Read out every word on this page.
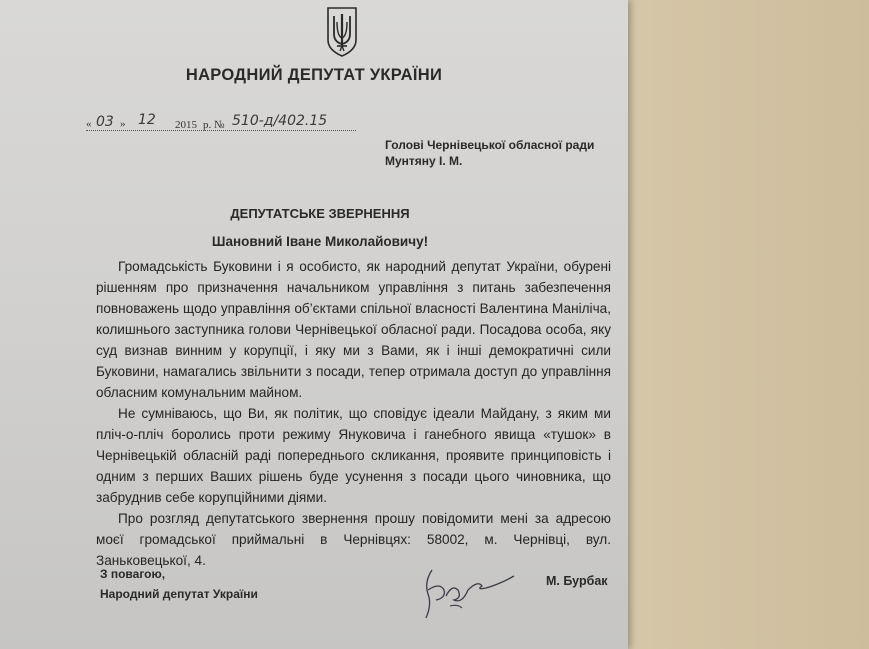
НАРОДНИЙ ДЕПУТАТ УКРАЇНИ
« 03 » 12 2015 р. № 510-д/402.15
Голові Чернівецької обласної ради
Мунтяну І. М.
ДЕПУТАТСЬКЕ ЗВЕРНЕННЯ
Шановний Іване Миколайовичу!

Громадськість Буковини і я особисто, як народний депутат України, обурені рішенням про призначення начальником управління з питань забезпечення повноважень щодо управління об’єктами спільної власності Валентина Маніліча, колишнього заступника голови Чернівецької обласної ради. Посадова особа, яку суд визнав винним у корупції, і яку ми з Вами, як і інші демократичні сили Буковини, намагались звільнити з посади, тепер отримала доступ до управління обласним комунальним майном.

Не сумніваюсь, що Ви, як політик, що сповідує ідеали Майдану, з яким ми пліч-о-пліч боролись проти режиму Януковича і ганебного явища «тушок» в Чернівецькій обласній раді попереднього скликання, проявите принциповість і одним з перших Ваших рішень буде усунення з посади цього чиновника, що забруднив себе корупційними діями.

Про розгляд депутатського звернення прошу повідомити мені за адресою моєї громадської приймальні в Чернівцях: 58002, м. Чернівці, вул. Заньковецької, 4.

З повагою,
Народний депутат України
М. Бурбак
